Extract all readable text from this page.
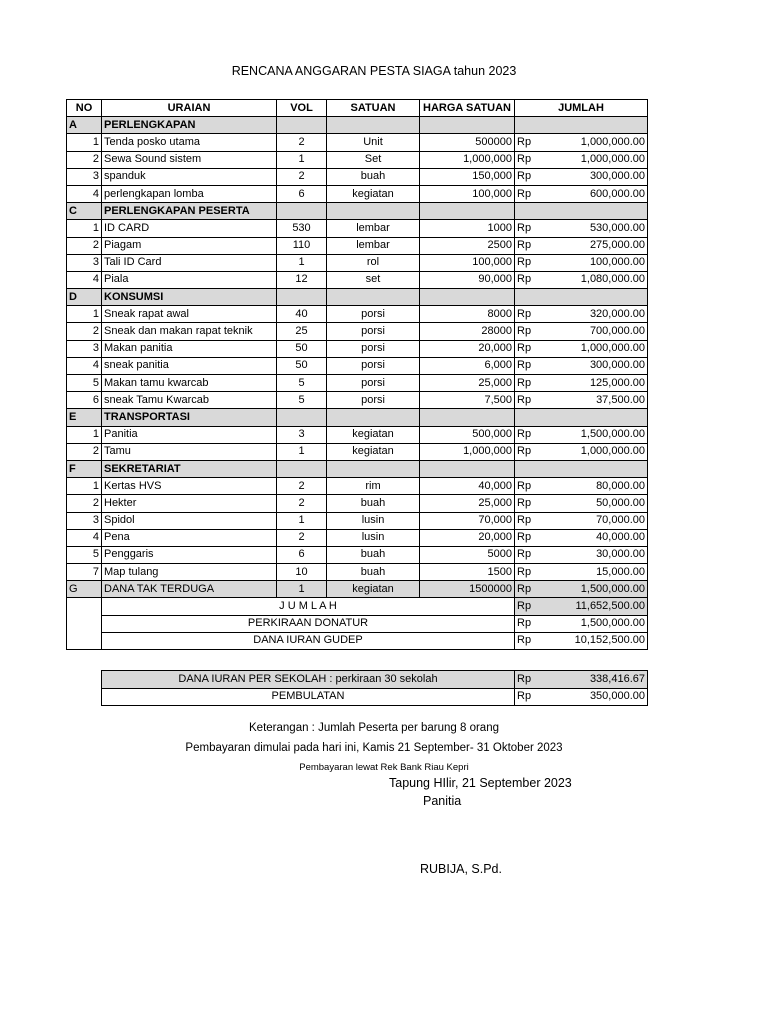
RENCANA ANGGARAN PESTA SIAGA tahun 2023
NO	URAIAN	VOL	SATUAN	HARGA SATUAN	JUMLAH	
A	PERLENGKAPAN					
1	Tenda posko utama	2	Unit	500000	Rp	1,000,000.00
2	Sewa Sound sistem	1	Set	1,000,000	Rp	1,000,000.00
3	spanduk	2	buah	150,000	Rp	300,000.00
4	perlengkapan lomba	6	kegiatan	100,000	Rp	600,000.00
C	PERLENGKAPAN PESERTA					
1	ID CARD	530	lembar	1000	Rp	530,000.00
2	Piagam	110	lembar	2500	Rp	275,000.00
3	Tali ID Card	1	rol	100,000	Rp	100,000.00
4	Piala	12	set	90,000	Rp	1,080,000.00
D	KONSUMSI					
1	Sneak rapat awal	40	porsi	8000	Rp	320,000.00
2	Sneak dan makan rapat teknik	25	porsi	28000	Rp	700,000.00
3	Makan panitia	50	porsi	20,000	Rp	1,000,000.00
4	sneak panitia	50	porsi	6,000	Rp	300,000.00
5	Makan tamu kwarcab	5	porsi	25,000	Rp	125,000.00
6	sneak Tamu Kwarcab	5	porsi	7,500	Rp	37,500.00
E	TRANSPORTASI					
1	Panitia	3	kegiatan	500,000	Rp	1,500,000.00
2	Tamu	1	kegiatan	1,000,000	Rp	1,000,000.00
F	SEKRETARIAT					
1	Kertas HVS	2	rim	40,000	Rp	80,000.00
2	Hekter	2	buah	25,000	Rp	50,000.00
3	Spidol	1	lusin	70,000	Rp	70,000.00
4	Pena	2	lusin	20,000	Rp	40,000.00
5	Penggaris	6	buah	5000	Rp	30,000.00
7	Map tulang	10	buah	1500	Rp	15,000.00
G	DANA TAK TERDUGA	1	kegiatan	1500000	Rp	1,500,000.00
	J U M L A H				Rp	11,652,500.00
	PERKIRAAN DONATUR				Rp	1,500,000.00
	DANA IURAN GUDEP				Rp	10,152,500.00
DANA IURAN PER SEKOLAH : perkiraan 30 sekolah	Rp	338,416.67
PEMBULATAN	Rp	350,000.00
Keterangan : Jumlah Peserta per barung 8 orang
Pembayaran dimulai pada hari ini, Kamis 21 September- 31 Oktober 2023
Pembayaran lewat Rek Bank Riau Kepri
Tapung HIlir, 21 September 2023
Panitia
RUBIJA, S.Pd.
